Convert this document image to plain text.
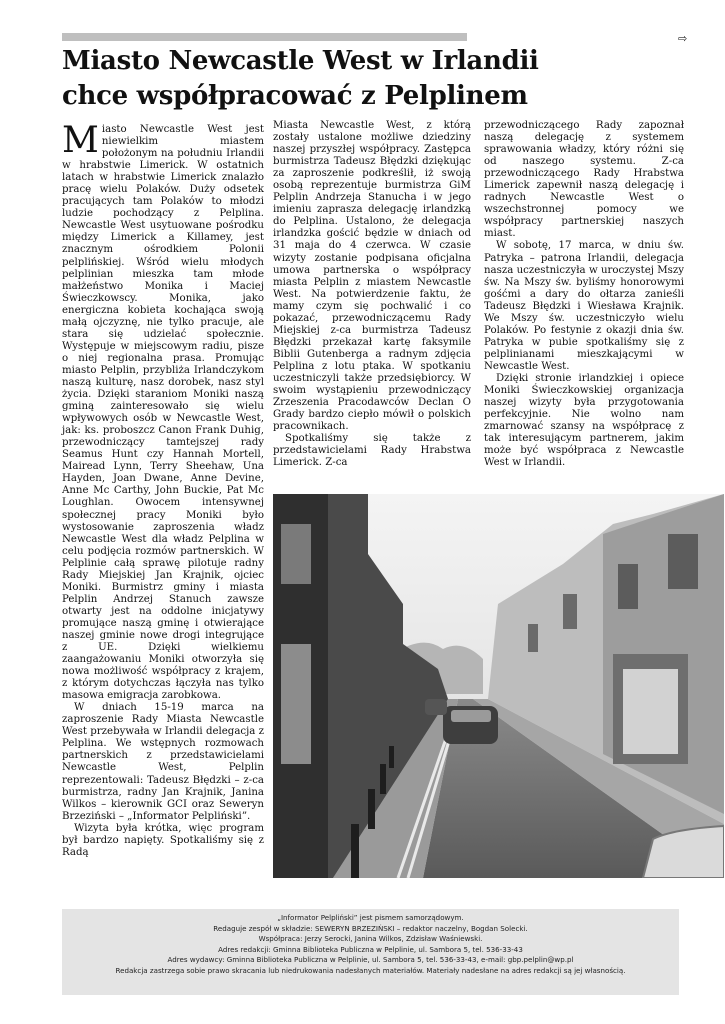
⇨
Miasto Newcastle West w Irlandii
chce współpracować z Pelplinem

Miasto Newcastle West jest niewielkim miastem położonym na południu Irlandii w hrabstwie Limerick. W ostatnich latach w hrabstwie Limerick znalazło pracę wielu Polaków. Duży odsetek pracujących tam Polaków to młodzi ludzie pochodzący z Pelplina. Newcastle West usytuowane pośrodku między Limerick a Killamey, jest znacznym ośrodkiem Polonii pelplińskiej. Wśród wielu młodych pelplinian mieszka tam młode małżeństwo Monika i Maciej Świeczkowscy. Monika, jako energiczna kobieta kochająca swoją małą ojczyznę, nie tylko pracuje, ale stara się udzielać społecznie. Występuje w miejscowym radiu, pisze o niej regionalna prasa. Promując miasto Pelplin, przybliża Irlandczykom naszą kulturę, nasz dorobek, nasz styl życia. Dzięki staraniom Moniki naszą gminą zainteresowało się wielu wpływowych osób w Newcastle West, jak: ks. proboszcz Canon Frank Duhig, przewodniczący tamtejszej rady Seamus Hunt czy Hannah Mortell, Mairead Lynn, Terry Sheehaw, Una Hayden, Joan Dwane, Anne Devine, Anne Mc Carthy, John Buckie, Pat Mc Loughlan. Owocem intensywnej społecznej pracy Moniki było wystosowanie zaproszenia władz Newcastle West dla władz Pelplina w celu podjęcia rozmów partnerskich. W Pelplinie całą sprawę pilotuje radny Rady Miejskiej Jan Krajnik, ojciec Moniki. Burmistrz gminy i miasta Pelplin Andrzej Stanuch zawsze otwarty jest na oddolne inicjatywy promujące naszą gminę i otwierające naszej gminie nowe drogi integrujące z UE. Dzięki wielkiemu zaangażowaniu Moniki otworzyła się nowa możliwość współpracy z krajem, z którym dotychczas łączyła nas tylko masowa emigracja zarobkowa.

W dniach 15-19 marca na zaproszenie Rady Miasta Newcastle West przebywała w Irlandii delegacja z Pelplina. We wstępnych rozmowach partnerskich z przedstawicielami Newcastle West, Pelplin reprezentowali: Tadeusz Błędzki – z-ca burmistrza, radny Jan Krajnik, Janina Wilkos – kierownik GCI oraz Seweryn Brzeziński – „Informator Pelpliński”.

Wizyta była krótka, więc program był bardzo napięty. Spotkaliśmy się z Radą

Miasta Newcastle West, z którą zostały ustalone możliwe dziedziny naszej przyszłej współpracy. Zastępca burmistrza Tadeusz Błędzki dziękując za zaproszenie podkreślił, iż swoją osobą reprezentuje burmistrza GiM Pelplin Andrzeja Stanucha i w jego imieniu zaprasza delegację irlandzką do Pelplina. Ustalono, że delegacja irlandzka gościć będzie w dniach od 31 maja do 4 czerwca. W czasie wizyty zostanie podpisana oficjalna umowa partnerska o współpracy miasta Pelplin z miastem Newcastle West. Na potwierdzenie faktu, że mamy czym się pochwalić i co pokazać, przewodniczącemu Rady Miejskiej z-ca burmistrza Tadeusz Błędzki przekazał kartę faksymile Biblii Gutenberga a radnym zdjęcia Pelplina z lotu ptaka. W spotkaniu uczestniczyli także przedsiębiorcy. W swoim wystąpieniu przewodniczący Zrzeszenia Pracodawców Declan O Grady bardzo ciepło mówił o polskich pracownikach.

Spotkaliśmy się także z przedstawicielami Rady Hrabstwa Limerick. Z-ca

przewodniczącego Rady zapoznał naszą delegację z systemem sprawowania władzy, który różni się od naszego systemu. Z-ca przewodniczącego Rady Hrabstwa Limerick zapewnił naszą delegację i radnych Newcastle West o wszechstronnej pomocy we współpracy partnerskiej naszych miast.

W sobotę, 17 marca, w dniu św. Patryka – patrona Irlandii, delegacja nasza uczestniczyła w uroczystej Mszy św. Na Mszy św. byliśmy honorowymi gośćmi a dary do ołtarza zanieśli Tadeusz Błędzki i Wiesława Krajnik. We Mszy św. uczestniczyło wielu Polaków. Po festynie z okazji dnia św. Patryka w pubie spotkaliśmy się z pelplinianami mieszkającymi w Newcastle West.

Dzięki stronie irlandzkiej i opiece Moniki Świeczkowskiej organizacja naszej wizyty była przygotowania perfekcyjnie. Nie wolno nam zmarnować szansy na współpracę z tak interesującym partnerem, jakim może być współpraca z Newcastle West w Irlandii.

„Informator Pelpliński” jest pismem samorządowym.
Redaguje zespół w składzie: SEWERYN BRZEZIŃSKI – redaktor naczelny, Bogdan Solecki.
Współpraca: Jerzy Serocki, Janina Wilkos, Zdzisław Waśniewski.
Adres redakcji: Gminna Biblioteka Publiczna w Pelplinie, ul. Sambora 5, tel. 536-33-43
Adres wydawcy: Gminna Biblioteka Publiczna w Pelplinie, ul. Sambora 5, tel. 536-33-43, e-mail: gbp.pelplin@wp.pl
Redakcja zastrzega sobie prawo skracania lub niedrukowania nadesłanych materiałów. Materiały nadesłane na adres redakcji są jej własnością.
